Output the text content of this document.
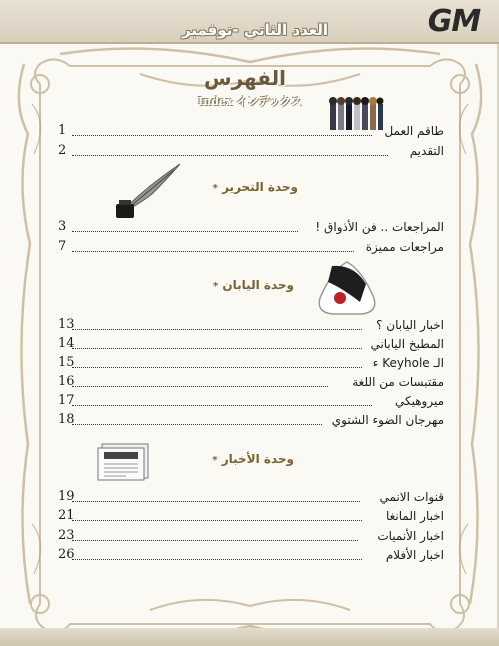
العدد الثاني -نوفمبر	GM
الفهرس
Index インデックス
1	طاقم العمل
2	التقديم
وحدة التحرير *
3	المراجعات .. فن الأذواق !
7	مراجعات مميزة
وحدة اليابان *
13	اخبار اليابان ؟
14	المطبخ الياباني
15	الـ Keyhole ء
16	مقتبسات من اللغة
17	ميروهيكي
18	مهرجان الضوء الشتوي
وحدة الأخبار *
19	قنوات الانمي
21	اخبار المانغا
23	اخبار الأنميات
26	اخبار الأفلام
